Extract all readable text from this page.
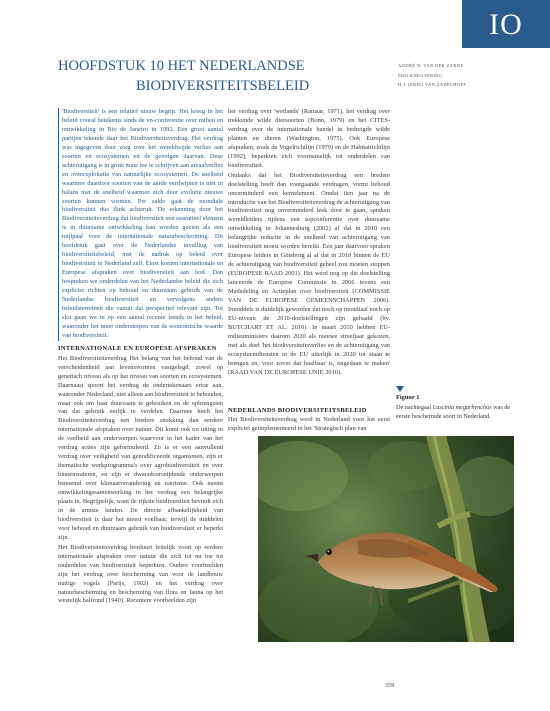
IO
HOOFDSTUK 10 HET NEDERLANDSE
BIODIVERSITEITSBELEID
ANDRÉ N. VAN DER ZANDE
EDO KNEGTERING
H.J. (ERIK) VAN ZADELHOFF

'Biodiversiteit' is een relatief nieuw begrip. Het kreeg in het beleid vooral betekenis sinds de vn-conferentie over milieu en ontwikkeling in Rio de Janeiro in 1992. Een groot aantal partijen tekende daar het Biodiversiteitsverdrag. Het verdrag was ingegeven door zorg over het wereldwijde verlies aan soorten en ecosystemen en de gevolgen daarvan. Deze achteruitgang is in grote mate toe te schrijven aan areaalverlies en overexploitatie van natuurlijke ecosystemen. De snelheid waarmee daardoor soorten van de aarde verdwijnen is niet in balans met de snelheid waarmee zich door evolutie nieuwe soorten kunnen vormen. Per saldo gaat de mondiale biodiversiteit dus flink achteruit. De erkenning door het Biodiversiteitsverdrag dat biodiversiteit een essentieel element is in duurzame ontwikkeling kan worden gezien als een mijlpaal voor de internationale natuurbescherming. Dit hoofdstuk gaat over de Nederlandse invulling van biodiversiteitsbeleid, met de nadruk op beleid over biodiversiteit in Nederland zelf. Eerst komen internationale en Europese afspraken over biodiversiteit aan bod. Dan bespreken we onderdelen van het Nederlandse beleid die zich expliciet richten op behoud en duurzaam gebruik van de Nederlandse biodiversiteit en vervolgens andere beleidsterreinen die vanuit dat perspectief relevant zijn. Tot slot gaan we in op een aantal recente trends in het beleid, waaronder het meer onderstrepen van de economische waarde van biodiversiteit.

INTERNATIONALE EN EUROPESE AFSPRAKEN

Het Biodiversiteitsverdrag Het belang van het behoud van de verscheidenheid aan levensvormen vastgelegd, zowel op genetisch niveau als op het niveau van soorten en ecosystemen. Daarnaast spoort het verdrag de ondertekenaars ertoe aan, waaronder Nederland, niet alleen aan biodiversiteit te behouden, maar ook om haar duurzaam te gebruiken en de opbrengsten van dat gebruik eerlijk te verdelen. Daarmee heeft het Biodiversiteitsverdrag een bredere strekking dan eerdere internationale afspraken over natuur. Dit komt ook tot uiting in de veelheid aan onderwerpen waarvoor in het kader van het verdrag acties zijn geformuleerd. Zo is er een aanvullend verdrag over veiligheid van genodificeerde organismen, zijn er thematische werkprogramma's over agrobiodiversiteit en over binnenwateren, en zijn er dwarsdoorsnijdende onderwerpen benoemd over klimaatverandering en toerisme. Ook neemt ontwikkelingssamenwerking in het verdrag een belangrijke plaats in. Begrijpelijk, want de rijkste biodiversiteit bevindt zich in de armste landen. De directe afhankelijkheid van biodiversiteit is daar het meest voelbaar, terwijl de middelen voor behoud en duurzaam gebruik van biodiversiteit er beperkt zijn.

Het Biodiversiteitsverdrag borduurt feitelijk voort op eerdere internationale afspraken over natuur die zich tot nu toe tot onderdelen van biodiversiteit beperkten. Oudere voorbeelden zijn het verdrag over bescherming van voor de landbouw nuttige vogels (Parijs, 1902) en het verdrag over natuurbescherming en bescherming van flora en fauna op het westelijk halfrond (1940). Recentere voorbeelden zijn

het verdrag over 'wetlands' (Ramsar, 1971), het verdrag over trekkende wilde diersoorten (Bonn, 1979) en het CITES-verdrag over de internationale handel in bedreigde wilde planten en dieren (Washington, 1975). Ook Europese afspraken, zoals de Vogelrichtlijn (1979) en de Habitatrichtlijn (1992), beperkten zich voornamelijk tot onderdelen van biodiversiteit.

Ondanks dat het Biodiversiteitsverdrag een bredere doelstelling heeft dan voorgaande verdragen, vormt behoud onverminderd een kernelement. Omdat tien jaar na de introductie van het Biodiversiteitsverdrag de achteruitgang van biodiversiteit nog onverminderd leek door te gaan, spraken wereldleiders tijdens een topconferentie over duurzame ontwikkeling in Johannesburg (2002) af dat in 2010 een belangrijke reductie in de snelheid van achteruitgang van biodiversiteit moest worden bereikt. Een jaar daarvoor spraken Europese leiders in Göteborg al af dat in 2010 binnen de EU de achteruitgang van biodiversiteit geheel zou moeten stoppen (EUROPESE RAAD 2001). Het werd nog op die doelstelling lanceerde de Europese Commissie in 2006 tevens een Mededeling en Actieplan over biodiversiteit (COMMISSIE VAN DE EUROPESE GEMEENSCHAPPEN 2006). Inmiddels is duidelijk geworden dat noch op mondiaal noch op EU-niveau de 2010-doelstellingen zijn gehaald (bv. BUTCHART ET AL. 2010). In maart 2010 hebben EU-milieuministers daarom 2020 als nieuwe streefjaar gekozen, met als doel 'het biodiversiteitsverlies en de achteruitgang van ecosysteemdiensten in de EU uiterlijk in 2020 tot staan te brengen en, voor zover dat haalbaar is, ongedaan te maken' (RAAD VAN DE EUROPESE UNIE 2010).

NEDERLANDS BIODIVERSITEITSBELEID
Het Biodiversiteitsverdrag werd in Nederland voor het eerst expliciet geïmplementeerd in het 'Strategisch plan van
Figuur 1
De nachtegaal Luscinia megarhynchos was de eerste beschermde soort in Nederland.
359
